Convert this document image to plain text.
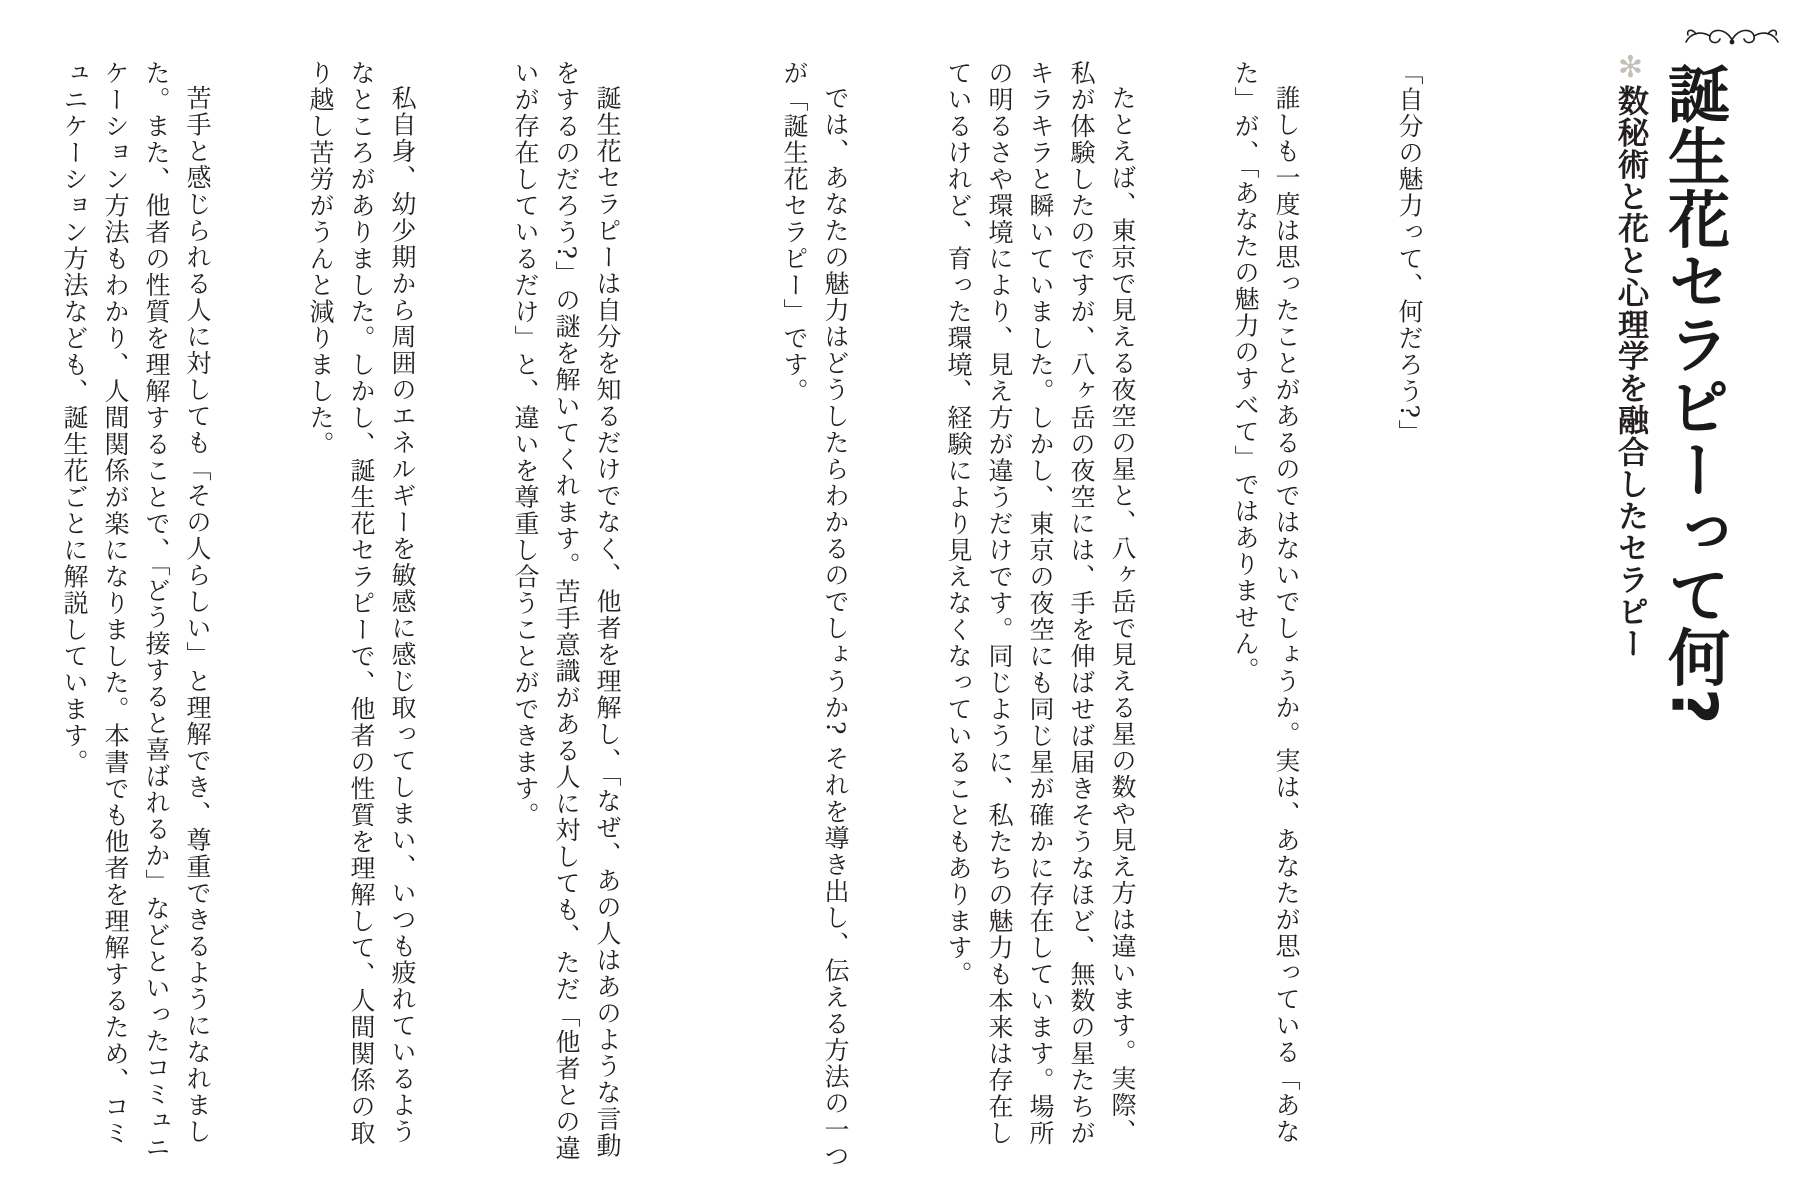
誕生花セラピーって何?
✻数秘術と花と心理学を融合したセラピー

「自分の魅力って、何だろう?」

誰しも一度は思ったことがあるのではないでしょうか。実は、あなたが思っている「あなた」が、「あなたの魅力のすべて」ではありません。

たとえば、東京で見える夜空の星と、八ヶ岳で見える星の数や見え方は違います。実際、私が体験したのですが、八ヶ岳の夜空には、手を伸ばせば届きそうなほど、無数の星たちがキラキラと瞬いていました。しかし、東京の夜空にも同じ星が確かに存在しています。場所の明るさや環境により、見え方が違うだけです。同じように、私たちの魅力も本来は存在しているけれど、育った環境、経験により見えなくなっていることもあります。

では、あなたの魅力はどうしたらわかるのでしょうか? それを導き出し、伝える方法の一つが「誕生花セラピー」です。

誕生花セラピーは自分を知るだけでなく、他者を理解し、「なぜ、あの人はあのような言動をするのだろう?」の謎を解いてくれます。苦手意識がある人に対しても、ただ「他者との違いが存在しているだけ」と、違いを尊重し合うことができます。

私自身、幼少期から周囲のエネルギーを敏感に感じ取ってしまい、いつも疲れているようなところがありました。しかし、誕生花セラピーで、他者の性質を理解して、人間関係の取り越し苦労がうんと減りました。

苦手と感じられる人に対しても「その人らしい」と理解でき、尊重できるようになれました。また、他者の性質を理解することで、「どう接すると喜ばれるか」などといったコミュニケーション方法もわかり、人間関係が楽になりました。本書でも他者を理解するため、コミュニケーション方法なども、誕生花ごとに解説しています。
